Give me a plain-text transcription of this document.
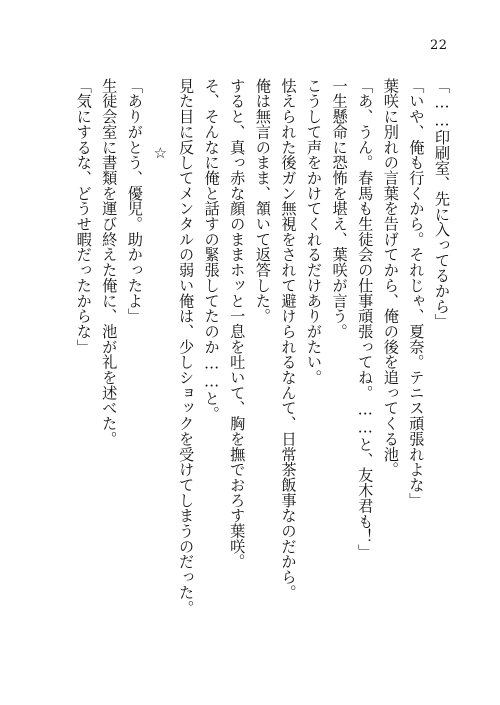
22
「……印刷室、先に入ってるから」
「いや、俺も行くから。それじゃ、夏奈。テニス頑張れよな」
葉咲に別れの言葉を告げてから、俺の後を追ってくる池。
「あ、うん。春馬も生徒会の仕事頑張ってね。……と、友木君も！」
一生懸命に恐怖を堪え、葉咲が言う。
こうして声をかけてくれるだけありがたい。
怯えられた後ガン無視をされて避けられるなんて、日常茶飯事なのだから。
俺は無言のまま、頷いて返答した。
すると、真っ赤な顔のままホッと一息を吐いて、胸を撫でおろす葉咲。
そ、そんなに俺と話すの緊張してたのか……と。
見た目に反してメンタルの弱い俺は、少しショックを受けてしまうのだった。
☆
「ありがとう、優児。助かったよ」
生徒会室に書類を運び終えた俺に、池が礼を述べた。
「気にするな、どうせ暇だったからな」
